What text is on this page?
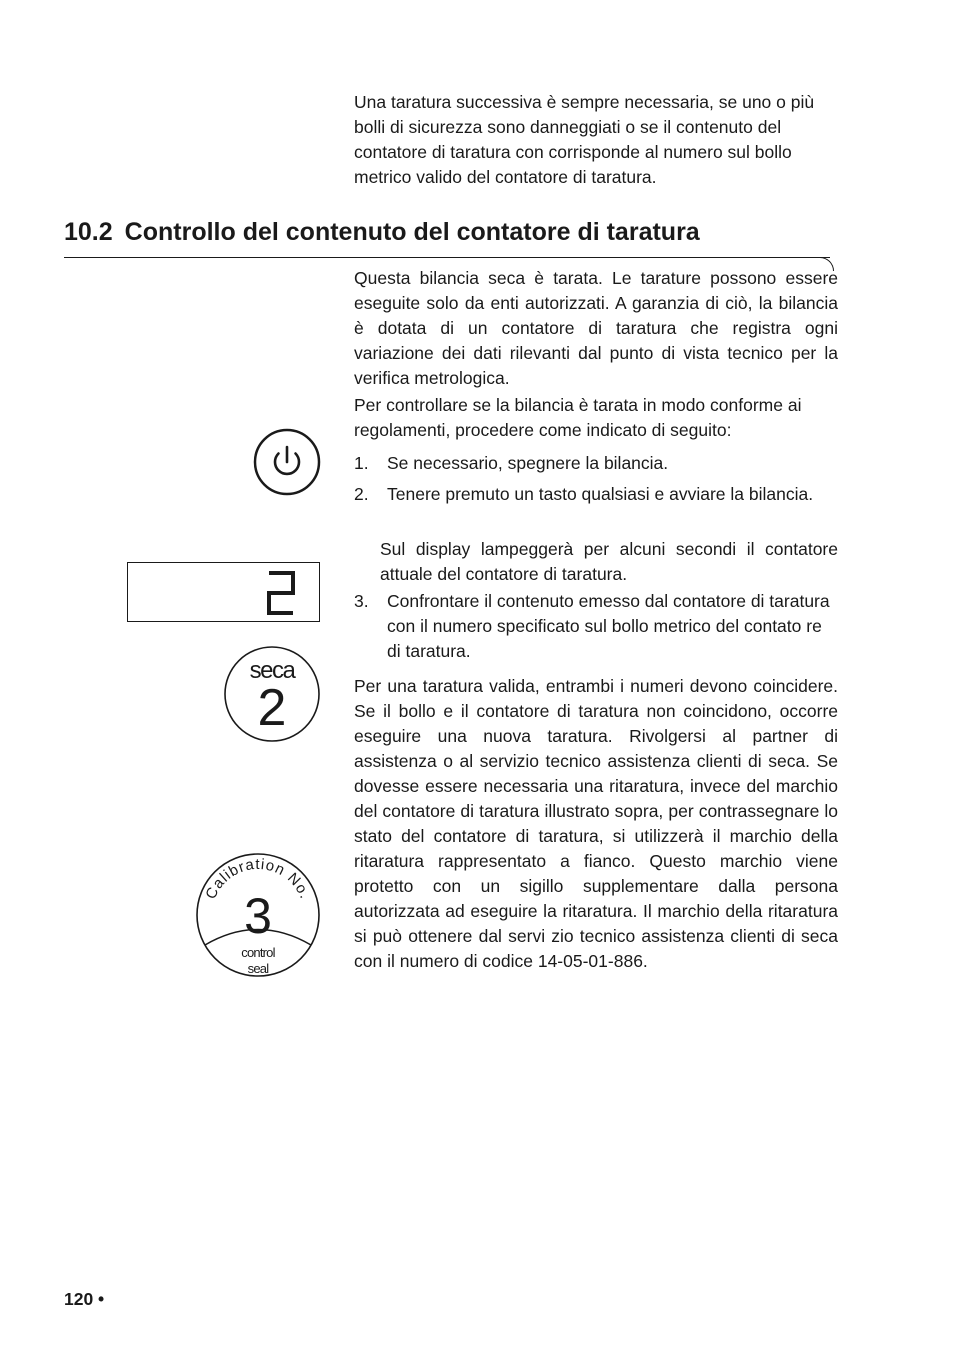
Una taratura successiva è sempre necessaria, se uno o più bolli di sicurezza sono danneggiati o se il contenuto del contatore di taratura con corrisponde al numero sul bollo metrico valido del contatore di taratura.
10.2 Controllo del contenuto del contatore di taratura
Questa bilancia seca è tarata. Le tarature possono essere eseguite solo da enti autorizzati. A garanzia di ciò, la bilancia è dotata di un contatore di taratura che registra ogni variazione dei dati rilevanti dal punto di vista tecnico per la verifica metrologica.
Per controllare se la bilancia è tarata in modo conforme ai regolamenti, procedere come indicato di seguito:
1.	Se necessario, spegnere la bilancia.
2.	Tenere premuto un tasto qualsiasi e avviare la bilancia.
Sul display lampeggerà per alcuni secondi il contatore attuale del contatore di taratura.
3.	Confrontare il contenuto emesso dal contatore di taratura con il numero specificato sul bollo metrico del contato re di taratura.
Per una taratura valida, entrambi i numeri devono coincidere. Se il bollo e il contatore di taratura non coincidono, occorre eseguire una nuova taratura. Rivolgersi al partner di assistenza o al servizio tecnico assistenza clienti di seca. Se dovesse essere necessaria una ritaratura, invece del marchio del contatore di taratura illustrato sopra, per contrassegnare lo stato del contatore di taratura, si utilizzerà il marchio della ritaratura rappresentato a fianco. Questo marchio viene protetto con un sigillo supplementare dalla persona autorizzata ad eseguire la ritaratura. Il marchio della ritaratura si può ottenere dal servi zio tecnico assistenza clienti di seca con il numero di codice 14-05-01-886.
seca
2
Calibration No.
3
control
seal
120 •
